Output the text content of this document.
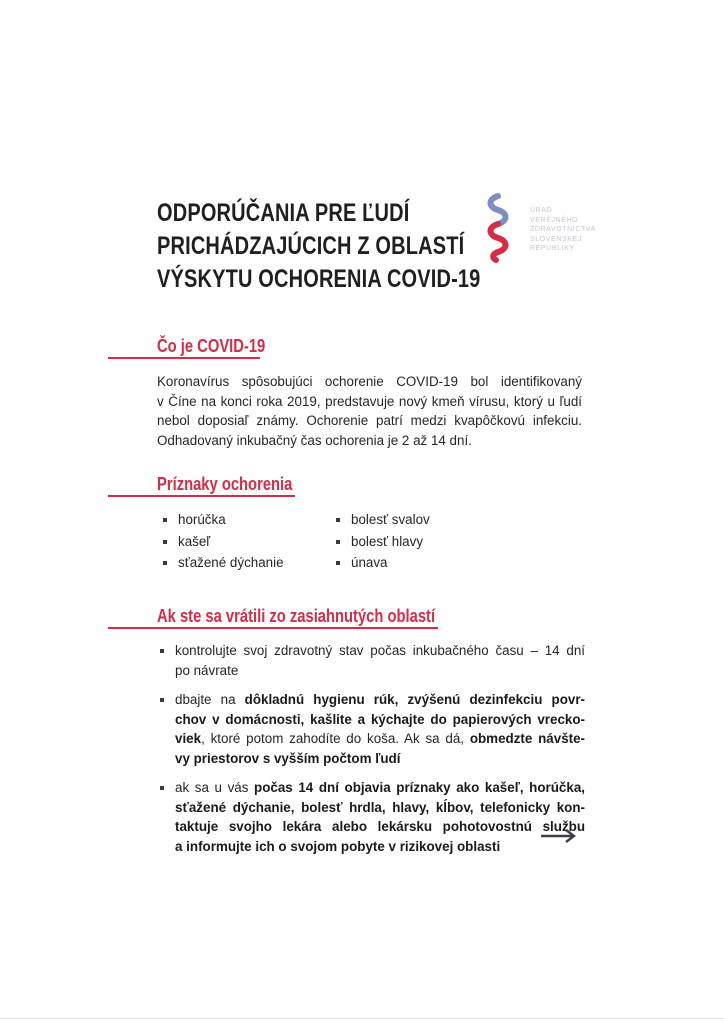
ODPORÚČANIA PRE ĽUDÍ
PRICHÁDZAJÚCICH Z OBLASTÍ
VÝSKYTU OCHORENIA COVID-19
ÚRAD
VEREJNÉHO
ZDRAVOTNÍCTVA
SLOVENSKEJ
REPUBLIKY
Čo je COVID-19
Koronavírus spôsobujúci ochorenie COVID-19 bol identifikovaný
v Číne na konci roka 2019, predstavuje nový kmeň vírusu, ktorý u ľudí
nebol doposiaľ známy. Ochorenie patrí medzi kvapôčkovú infekciu.
Odhadovaný inkubačný čas ochorenia je 2 až 14 dní.
Príznaky ochorenia
horúčka
kašeľ
sťažené dýchanie
bolesť svalov
bolesť hlavy
únava
Ak ste sa vrátili zo zasiahnutých oblastí
kontrolujte svoj zdravotný stav počas inkubačného času – 14 dní
po návrate
dbajte na dôkladnú hygienu rúk, zvýšenú dezinfekciu povr-
chov v domácnosti, kašlite a kýchajte do papierových vrecko-
viek, ktoré potom zahodíte do koša. Ak sa dá, obmedzte návšte-
vy priestorov s vyšším počtom ľudí
ak sa u vás počas 14 dní objavia príznaky ako kašeľ, horúčka,
sťažené dýchanie, bolesť hrdla, hlavy, kĺbov, telefonicky kon-
taktuje svojho lekára alebo lekársku pohotovostnú službu
a informujte ich o svojom pobyte v rizikovej oblasti
